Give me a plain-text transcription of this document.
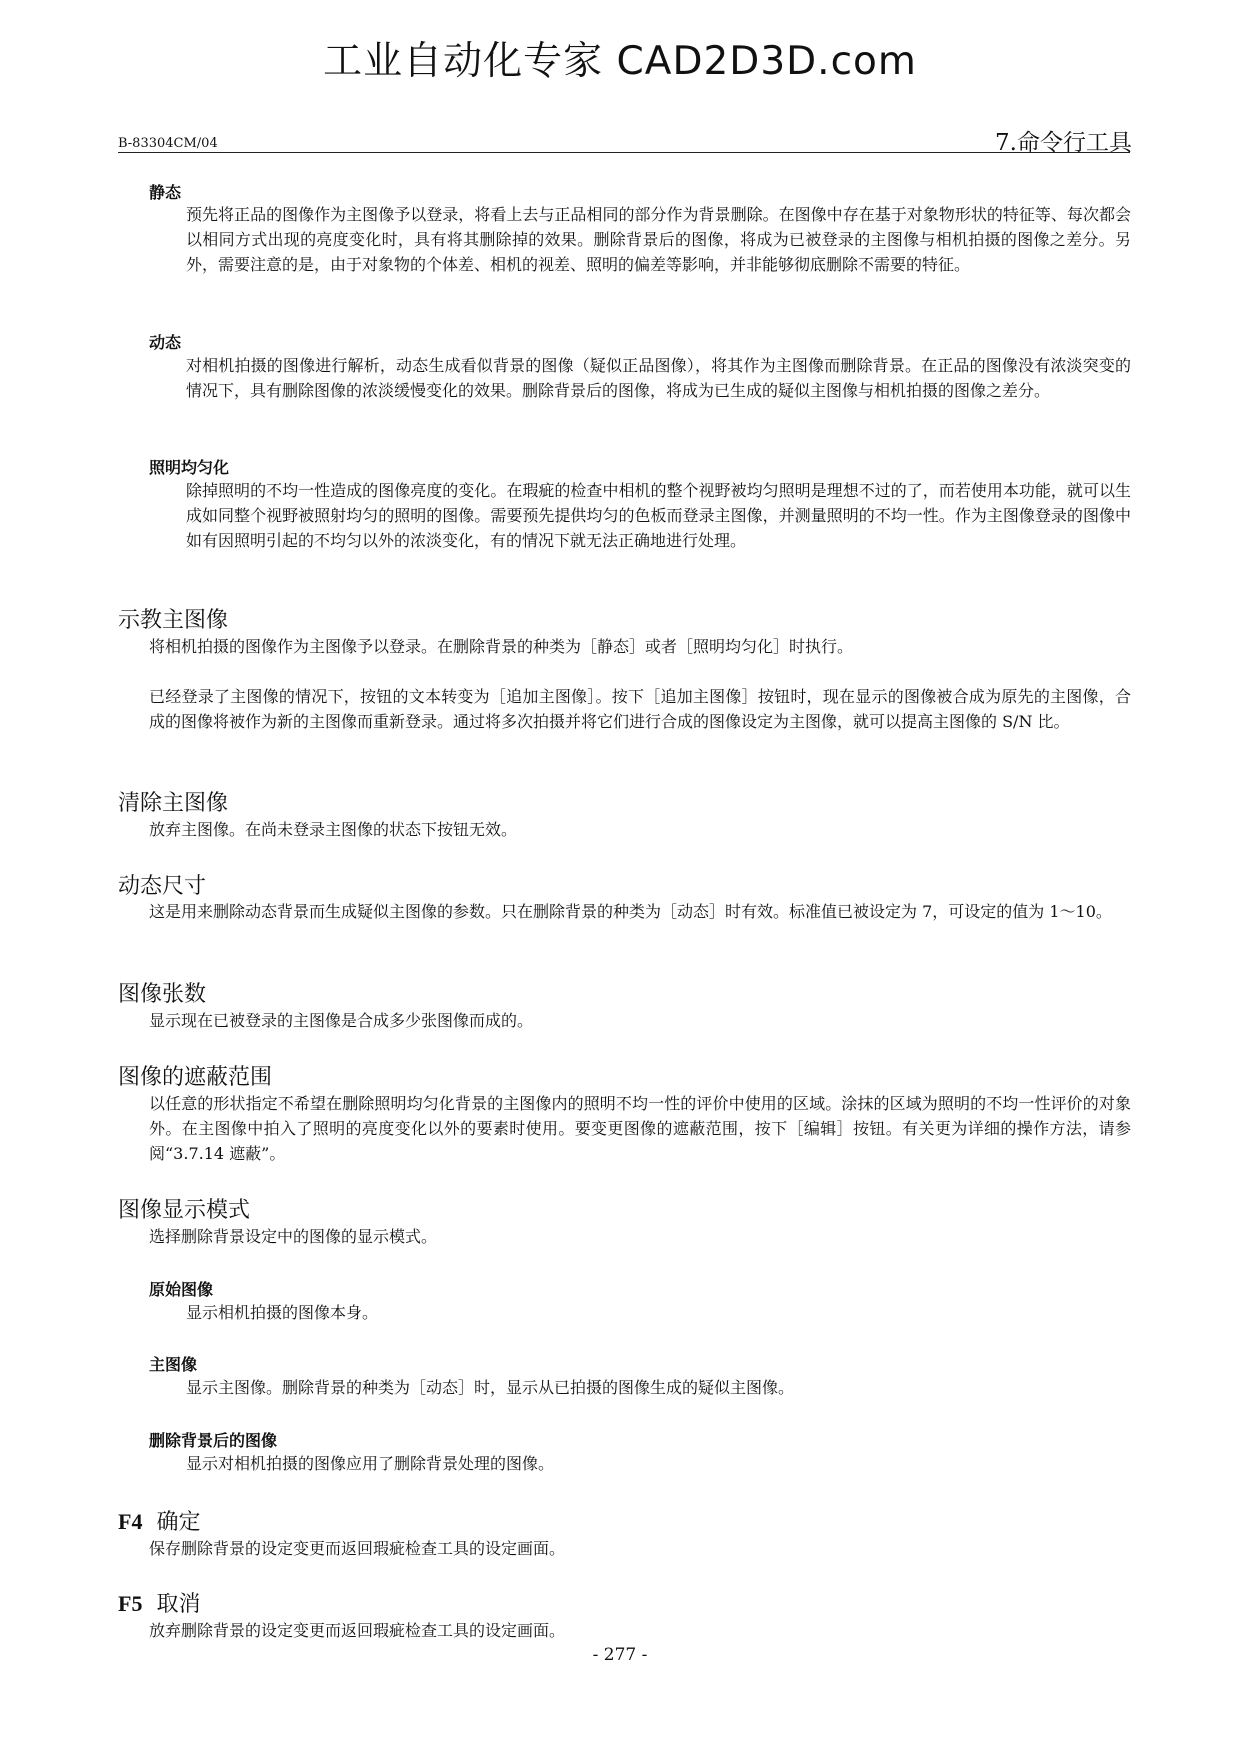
工业自动化专家 CAD2D3D.com
B-83304CM/04	7.命令行工具
静态
预先将正品的图像作为主图像予以登录，将看上去与正品相同的部分作为背景删除。在图像中存在基于对象物形状的特征等、每次都会以相同方式出现的亮度变化时，具有将其删除掉的效果。删除背景后的图像，将成为已被登录的主图像与相机拍摄的图像之差分。另外，需要注意的是，由于对象物的个体差、相机的视差、照明的偏差等影响，并非能够彻底删除不需要的特征。
动态
对相机拍摄的图像进行解析，动态生成看似背景的图像（疑似正品图像），将其作为主图像而删除背景。在正品的图像没有浓淡突变的情况下，具有删除图像的浓淡缓慢变化的效果。删除背景后的图像，将成为已生成的疑似主图像与相机拍摄的图像之差分。
照明均匀化
除掉照明的不均一性造成的图像亮度的变化。在瑕疵的检查中相机的整个视野被均匀照明是理想不过的了，而若使用本功能，就可以生成如同整个视野被照射均匀的照明的图像。需要预先提供均匀的色板而登录主图像，并测量照明的不均一性。作为主图像登录的图像中如有因照明引起的不均匀以外的浓淡变化，有的情况下就无法正确地进行处理。
示教主图像
将相机拍摄的图像作为主图像予以登录。在删除背景的种类为［静态］或者［照明均匀化］时执行。
已经登录了主图像的情况下，按钮的文本转变为［追加主图像］。按下［追加主图像］按钮时，现在显示的图像被合成为原先的主图像，合成的图像将被作为新的主图像而重新登录。通过将多次拍摄并将它们进行合成的图像设定为主图像，就可以提高主图像的 S/N 比。
清除主图像
放弃主图像。在尚未登录主图像的状态下按钮无效。
动态尺寸
这是用来删除动态背景而生成疑似主图像的参数。只在删除背景的种类为［动态］时有效。标准值已被设定为 7，可设定的值为 1～10。
图像张数
显示现在已被登录的主图像是合成多少张图像而成的。
图像的遮蔽范围
以任意的形状指定不希望在删除照明均匀化背景的主图像内的照明不均一性的评价中使用的区域。涂抹的区域为照明的不均一性评价的对象外。在主图像中拍入了照明的亮度变化以外的要素时使用。要变更图像的遮蔽范围，按下［编辑］按钮。有关更为详细的操作方法，请参阅“3.7.14 遮蔽”。
图像显示模式
选择删除背景设定中的图像的显示模式。
原始图像
显示相机拍摄的图像本身。
主图像
显示主图像。删除背景的种类为［动态］时，显示从已拍摄的图像生成的疑似主图像。
删除背景后的图像
显示对相机拍摄的图像应用了删除背景处理的图像。
F4 确定
保存删除背景的设定变更而返回瑕疵检查工具的设定画面。
F5 取消
放弃删除背景的设定变更而返回瑕疵检查工具的设定画面。
- 277 -
